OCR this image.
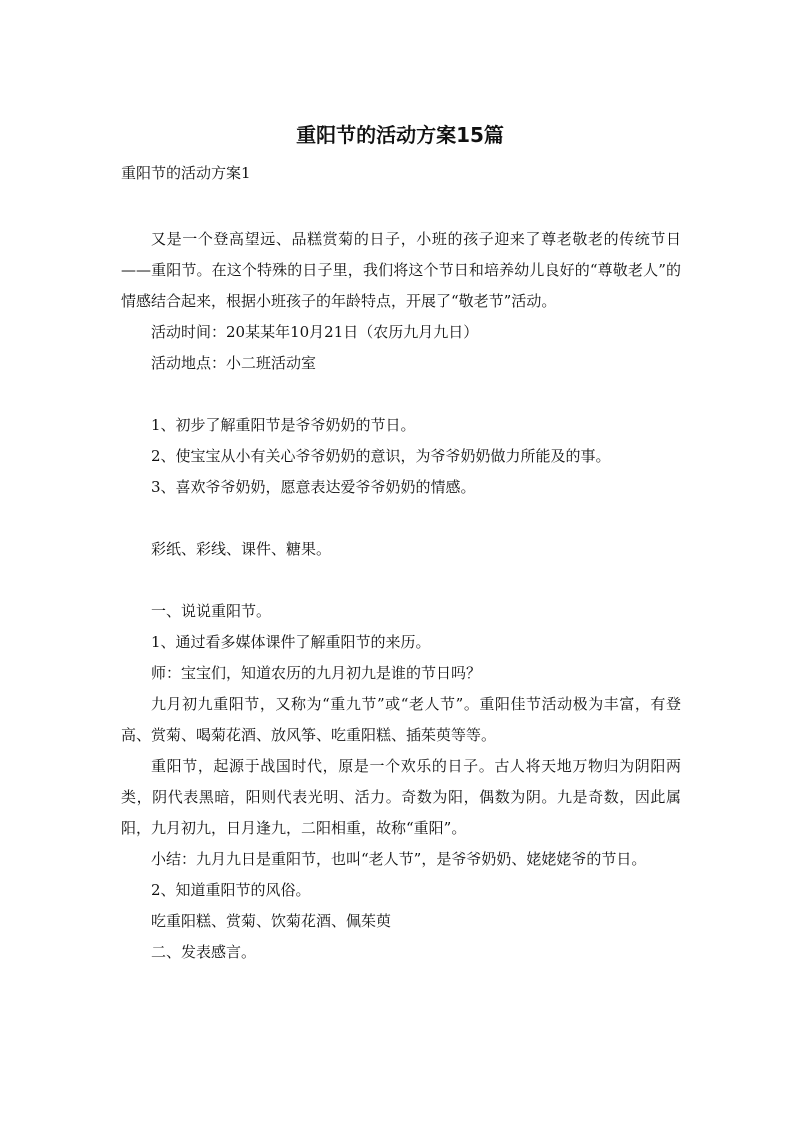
重阳节的活动方案15篇
重阳节的活动方案1

又是一个登高望远、品糕赏菊的日子，小班的孩子迎来了尊老敬老的传统节日——重阳节。在这个特殊的日子里，我们将这个节日和培养幼儿良好的“尊敬老人”的情感结合起来，根据小班孩子的年龄特点，开展了“敬老节”活动。

活动时间：20某某年10月21日（农历九月九日）

活动地点：小二班活动室

1、初步了解重阳节是爷爷奶奶的节日。

2、使宝宝从小有关心爷爷奶奶的意识，为爷爷奶奶做力所能及的事。

3、喜欢爷爷奶奶，愿意表达爱爷爷奶奶的情感。

彩纸、彩线、课件、糖果。

一、说说重阳节。

1、通过看多媒体课件了解重阳节的来历。

师：宝宝们，知道农历的九月初九是谁的节日吗？

九月初九重阳节，又称为“重九节”或“老人节”。重阳佳节活动极为丰富，有登高、赏菊、喝菊花酒、放风筝、吃重阳糕、插茱萸等等。

重阳节，起源于战国时代，原是一个欢乐的日子。古人将天地万物归为阴阳两类，阴代表黑暗，阳则代表光明、活力。奇数为阳，偶数为阴。九是奇数，因此属阳，九月初九，日月逢九，二阳相重，故称“重阳”。

小结：九月九日是重阳节，也叫“老人节”，是爷爷奶奶、姥姥姥爷的节日。

2、知道重阳节的风俗。

吃重阳糕、赏菊、饮菊花酒、佩茱萸

二、发表感言。
